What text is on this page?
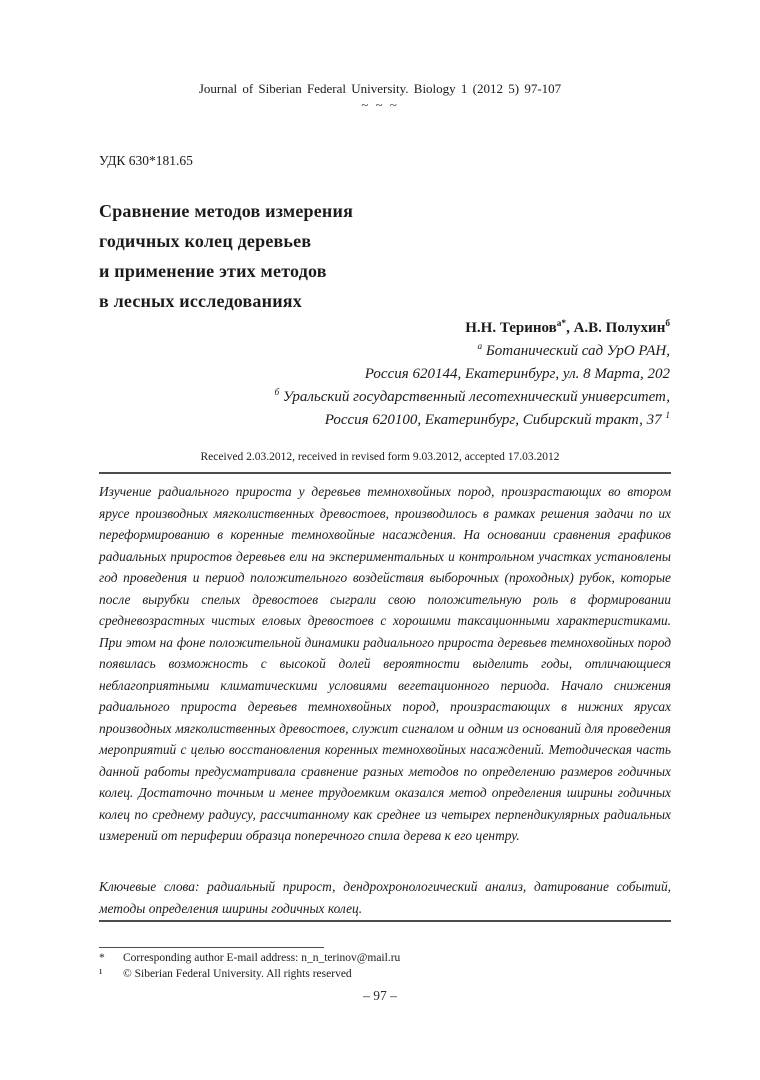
Journal of Siberian Federal University. Biology 1 (2012 5) 97-107
~ ~ ~
УДК 630*181.65
Сравнение методов измерения
годичных колец деревьев
и применение этих методов
в лесных исследованиях
Н.Н. Теринов$^{а*}$, А.В. Полухин$^б$
$^а$ Ботанический сад УрО РАН,
Россия 620144, Екатеринбург, ул. 8 Марта, 202
$^б$ Уральский государственный лесотехнический университет,
Россия 620100, Екатеринбург, Сибирский тракт, 37 $^1$
Received 2.03.2012, received in revised form 9.03.2012, accepted 17.03.2012
Изучение радиального прироста у деревьев темнохвойных пород, произрастающих во втором ярусе производных мягколиственных древостоев, производилось в рамках решения задачи по их переформированию в коренные темнохвойные насаждения. На основании сравнения графиков радиальных приростов деревьев ели на экспериментальных и контрольном участках установлены год проведения и период положительного воздействия выборочных (проходных) рубок, которые после вырубки спелых древостоев сыграли свою положительную роль в формировании средневозрастных чистых еловых древостоев с хорошими таксационными характеристиками. При этом на фоне положительной динамики радиального прироста деревьев темнохвойных пород появилась возможность с высокой долей вероятности выделить годы, отличающиеся неблагоприятными климатическими условиями вегетационного периода. Начало снижения радиального прироста деревьев темнохвойных пород, произрастающих в нижних ярусах производных мягколиственных древостоев, служит сигналом и одним из оснований для проведения мероприятий с целью восстановления коренных темнохвойных насаждений. Методическая часть данной работы предусматривала сравнение разных методов по определению размеров годичных колец. Достаточно точным и менее трудоемким оказался метод определения ширины годичных колец по среднему радиусу, рассчитанному как среднее из четырех перпендикулярных радиальных измерений от периферии образца поперечного спила дерева к его центру.
Ключевые слова: радиальный прирост, дендрохронологический анализ, датирование событий, методы определения ширины годичных колец.
*	Corresponding author E-mail address: n_n_terinov@mail.ru
¹	© Siberian Federal University. All rights reserved
– 97 –
